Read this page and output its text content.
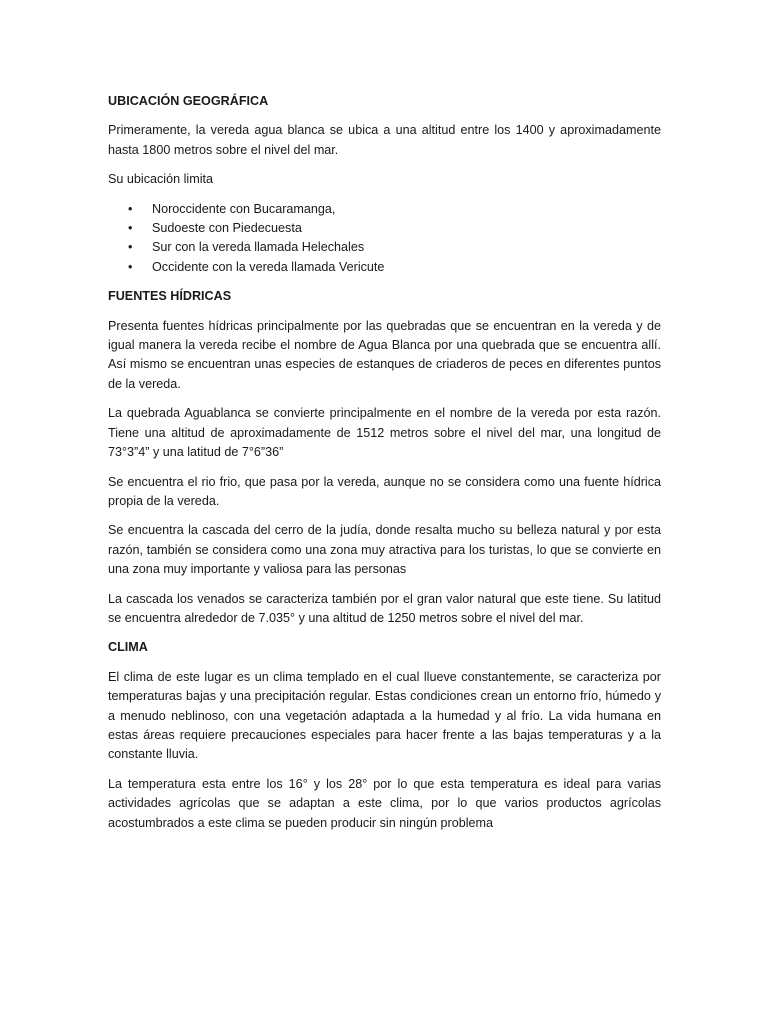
UBICACIÓN GEOGRÁFICA

Primeramente, la vereda agua blanca se ubica a una altitud entre los 1400 y aproximadamente hasta 1800 metros sobre el nivel del mar.

Su ubicación limita

• Noroccidente con Bucaramanga,
• Sudoeste con Piedecuesta
• Sur con la vereda llamada Helechales
• Occidente con la vereda llamada Vericute

FUENTES HÍDRICAS

Presenta fuentes hídricas principalmente por las quebradas que se encuentran en la vereda y de igual manera la vereda recibe el nombre de Agua Blanca por una quebrada que se encuentra allí. Así mismo se encuentran unas especies de estanques de criaderos de peces en diferentes puntos de la vereda.

La quebrada Aguablanca se convierte principalmente en el nombre de la vereda por esta razón. Tiene una altitud de aproximadamente de 1512 metros sobre el nivel del mar, una longitud de 73°3”4” y una latitud de 7°6”36”

Se encuentra el rio frio, que pasa por la vereda, aunque no se considera como una fuente hídrica propia de la vereda.

Se encuentra la cascada del cerro de la judía, donde resalta mucho su belleza natural y por esta razón, también se considera como una zona muy atractiva para los turistas, lo que se convierte en una zona muy importante y valiosa para las personas

La cascada los venados se caracteriza también por el gran valor natural que este tiene. Su latitud se encuentra alrededor de 7.035° y una altitud de 1250 metros sobre el nivel del mar.

CLIMA

El clima de este lugar es un clima templado en el cual llueve constantemente, se caracteriza por temperaturas bajas y una precipitación regular. Estas condiciones crean un entorno frío, húmedo y a menudo neblinoso, con una vegetación adaptada a la humedad y al frío. La vida humana en estas áreas requiere precauciones especiales para hacer frente a las bajas temperaturas y a la constante lluvia.

La temperatura esta entre los 16° y los 28° por lo que esta temperatura es ideal para varias actividades agrícolas que se adaptan a este clima, por lo que varios productos agrícolas acostumbrados a este clima se pueden producir sin ningún problema
